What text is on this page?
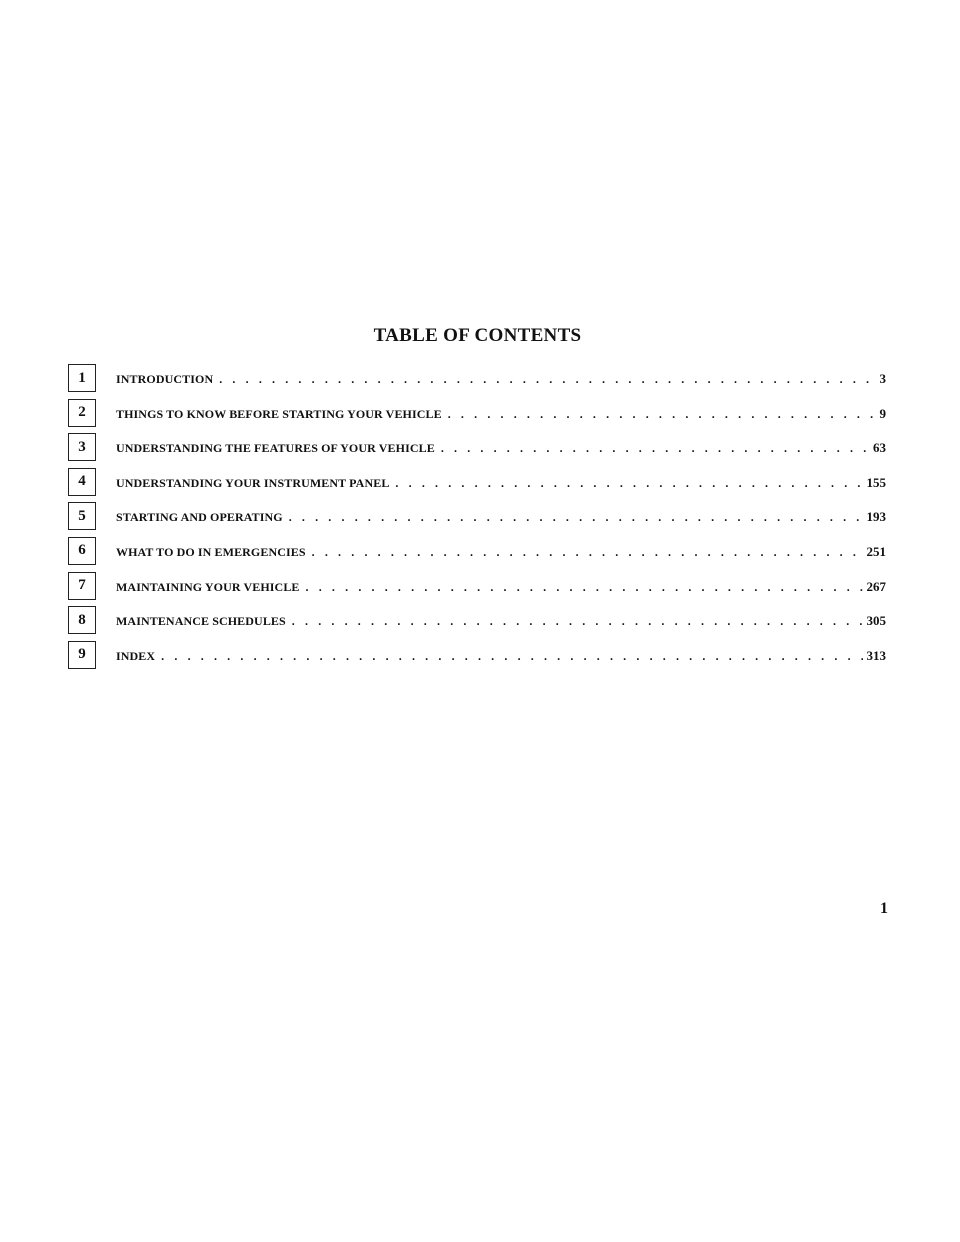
TABLE OF CONTENTS
1	INTRODUCTION . . .	3
2	THINGS TO KNOW BEFORE STARTING YOUR VEHICLE . . .	9
3	UNDERSTANDING THE FEATURES OF YOUR VEHICLE . . .	63
4	UNDERSTANDING YOUR INSTRUMENT PANEL . . .	155
5	STARTING AND OPERATING . . .	193
6	WHAT TO DO IN EMERGENCIES . . .	251
7	MAINTAINING YOUR VEHICLE . . .	267
8	MAINTENANCE SCHEDULES . . .	305
9	INDEX . . .	313
1
